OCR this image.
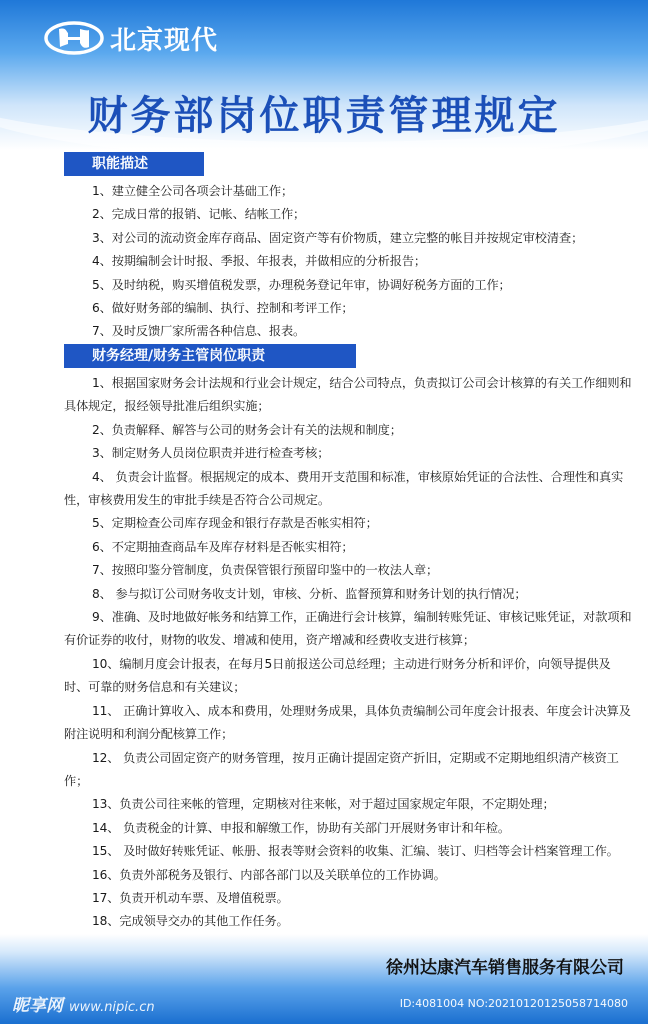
北京现代
财务部岗位职责管理规定
职能描述

1、建立健全公司各项会计基础工作；

2、完成日常的报销、记帐、结帐工作；

3、对公司的流动资金库存商品、固定资产等有价物质，建立完整的帐目并按规定审校清查；

4、按期编制会计时报、季报、年报表，并做相应的分析报告；

5、及时纳税，购买增值税发票，办理税务登记年审，协调好税务方面的工作；

6、做好财务部的编制、执行、控制和考评工作；

7、及时反馈厂家所需各种信息、报表。

财务经理/财务主管岗位职责

1、根据国家财务会计法规和行业会计规定，结合公司特点，负责拟订公司会计核算的有关工作细则和具体规定，报经领导批准后组织实施；

2、负责解释、解答与公司的财务会计有关的法规和制度；

3、制定财务人员岗位职责并进行检查考核；

4、 负责会计监督。根据规定的成本、费用开支范围和标准，审核原始凭证的合法性、合理性和真实性，审核费用发生的审批手续是否符合公司规定。

5、定期检查公司库存现金和银行存款是否帐实相符；

6、不定期抽查商品车及库存材料是否帐实相符；

7、按照印鉴分管制度，负责保管银行预留印鉴中的一枚法人章；

8、 参与拟订公司财务收支计划，审核、分析、监督预算和财务计划的执行情况；

9、准确、及时地做好帐务和结算工作，正确进行会计核算，编制转账凭证、审核记账凭证，对款项和有价证券的收付，财物的收发、增减和使用，资产增减和经费收支进行核算；

10、编制月度会计报表，在每月5日前报送公司总经理；主动进行财务分析和评价，向领导提供及时、可靠的财务信息和有关建议；

11、 正确计算收入、成本和费用，处理财务成果，具体负责编制公司年度会计报表、年度会计决算及附注说明和利润分配核算工作；

12、 负责公司固定资产的财务管理，按月正确计提固定资产折旧，定期或不定期地组织清产核资工作；

13、负责公司往来帐的管理，定期核对往来帐，对于超过国家规定年限，不定期处理；

14、 负责税金的计算、申报和解缴工作，协助有关部门开展财务审计和年检。

15、 及时做好转账凭证、帐册、报表等财会资料的收集、汇编、装订、归档等会计档案管理工作。

16、负责外部税务及银行、内部各部门以及关联单位的工作协调。

17、负责开机动车票、及增值税票。

18、完成领导交办的其他工作任务。

徐州达康汽车销售服务有限公司
昵享网 www.nipic.cn	ID:4081004 NO:20210120125058714080
